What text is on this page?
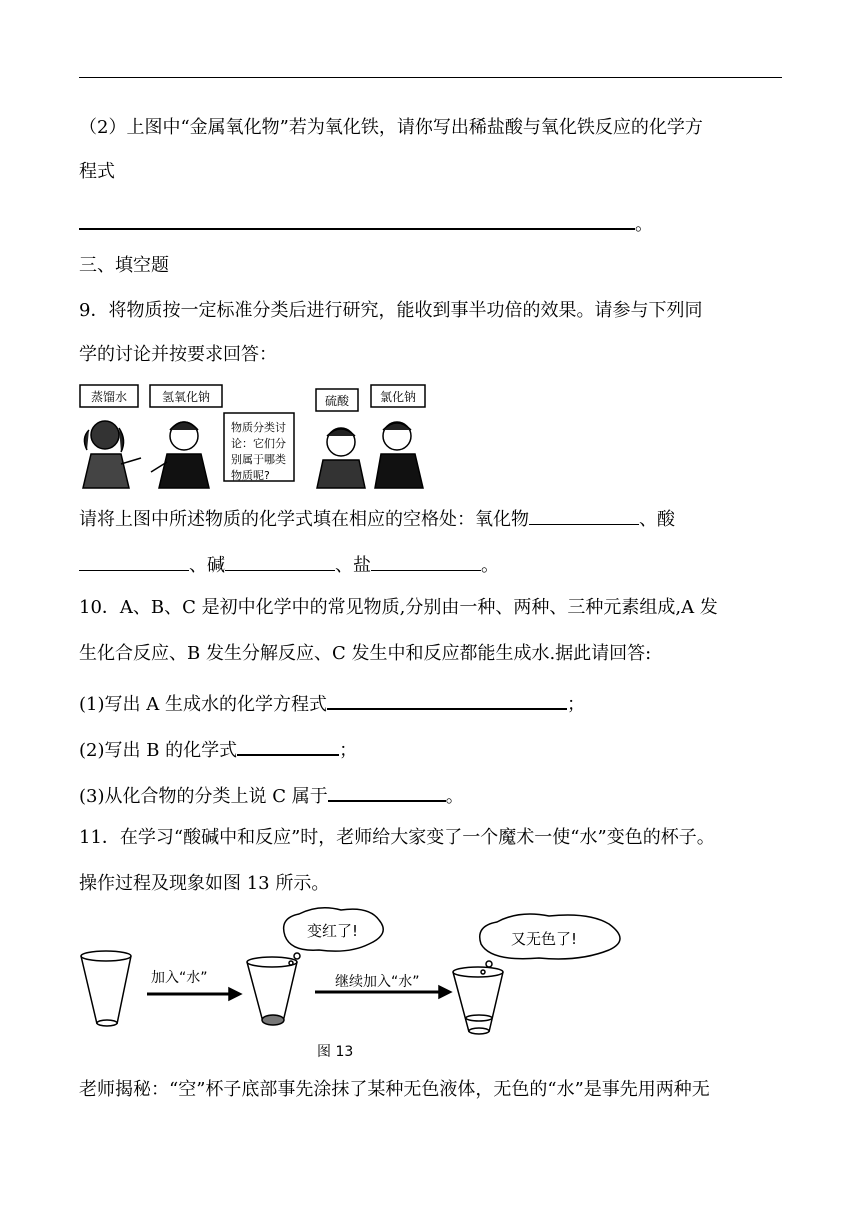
（2）上图中“金属氧化物”若为氧化铁，请你写出稀盐酸与氧化铁反应的化学方
程式
。
三、填空题
9．将物质按一定标准分类后进行研究，能收到事半功倍的效果。请参与下列同
学的讨论并按要求回答：
蒸馏水	氢氧化钠
物质分类讨
论：它们分
别属于哪类
物质呢?
硫酸	氯化钠
请将上图中所述物质的化学式填在相应的空格处：氧化物	、酸
、碱	、盐	。
10．A、B、C 是初中化学中的常见物质,分别由一种、两种、三种元素组成,A 发
生化合反应、B 发生分解反应、C 发生中和反应都能生成水.据此请回答:
(1)写出 A 生成水的化学方程式	；
(2)写出 B 的化学式	；
(3)从化合物的分类上说 C 属于	。
11．在学习“酸碱中和反应”时，老师给大家变了一个魔术一使“水”变色的杯子。
操作过程及现象如图 13 所示。
加入“水”
变红了!
继续加入“水”
又无色了!
图 13
老师揭秘：“空”杯子底部事先涂抹了某种无色液体，无色的“水”是事先用两种无
